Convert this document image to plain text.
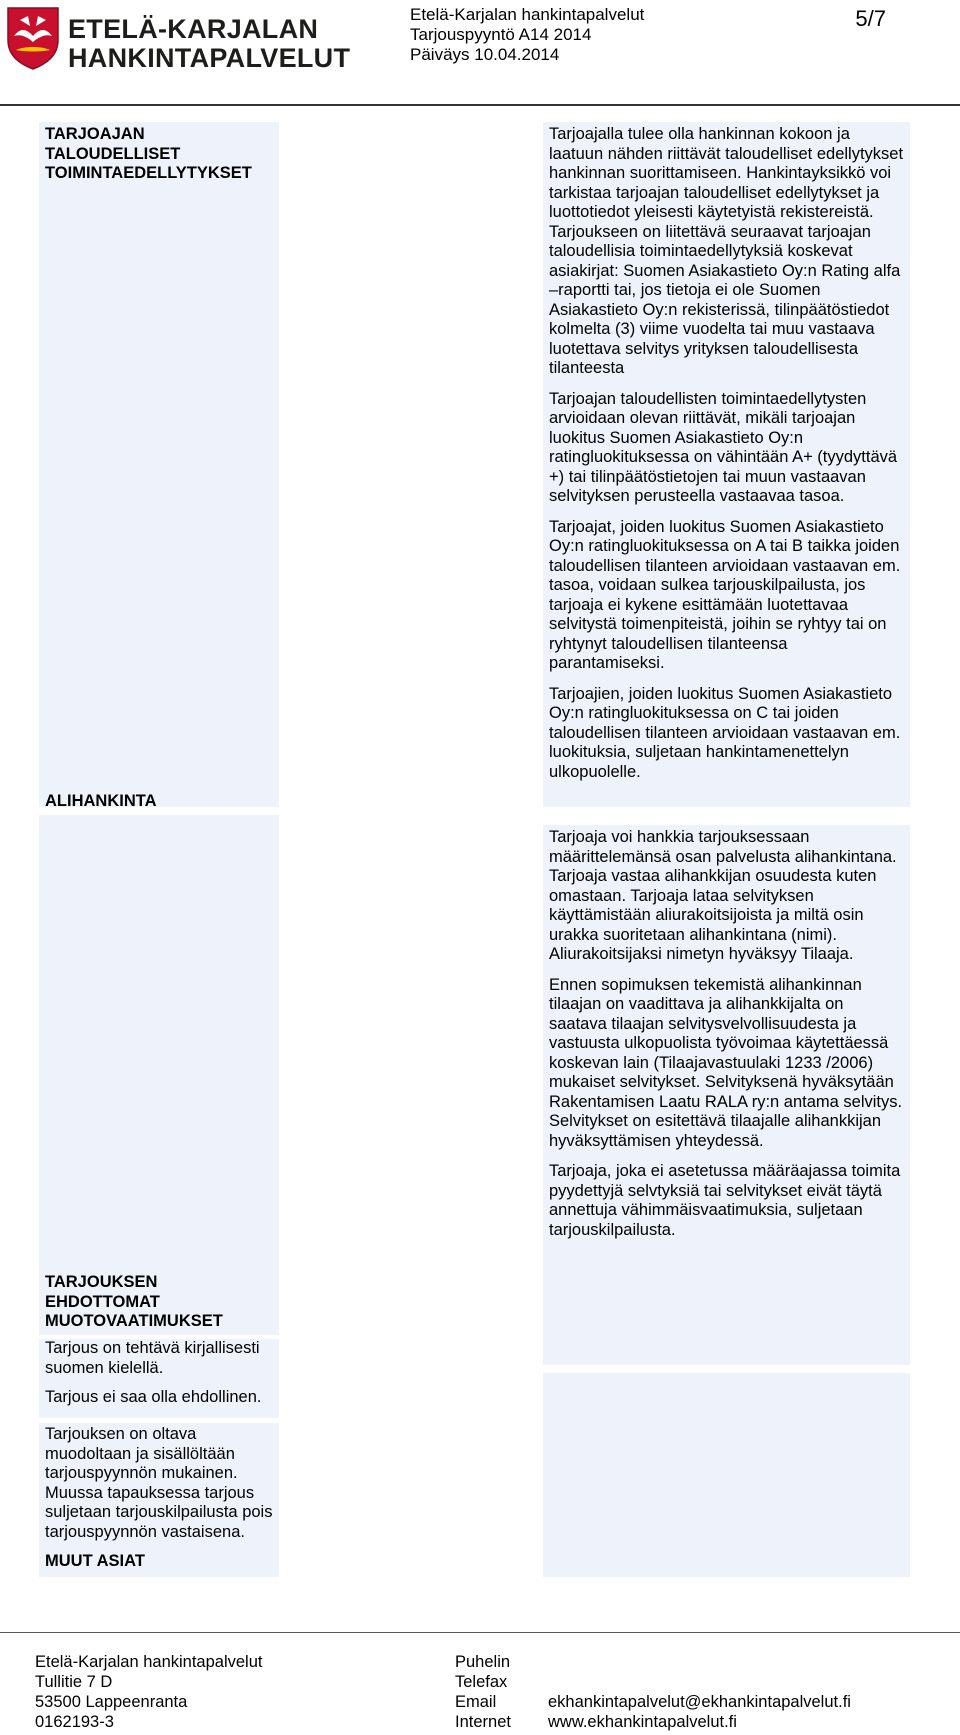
ETELÄ-KARJALAN
HANKINTAPALVELUT
Etelä-Karjalan hankintapalvelut
Tarjouspyyntö A14 2014
Päiväys 10.04.2014
5/7
TARJOAJAN TALOUDELLISET TOIMINTAEDELLYTYKSET
ALIHANKINTA

Tarjoajalla tulee olla hankinnan kokoon ja laatuun nähden riittävät taloudelliset edellytykset hankinnan suorittamiseen. Hankintayksikkö voi tarkistaa tarjoajan taloudelliset edellytykset ja luottotiedot yleisesti käytetyistä rekistereistä. Tarjoukseen on liitettävä seuraavat tarjoajan taloudellisia toimintaedellytyksiä koskevat asiakirjat: Suomen Asiakastieto Oy:n Rating alfa –raportti tai, jos tietoja ei ole Suomen Asiakastieto Oy:n rekisterissä, tilinpäätöstiedot kolmelta (3) viime vuodelta tai muu vastaava luotettava selvitys yrityksen taloudellisesta tilanteesta

Tarjoajan taloudellisten toimintaedellytysten arvioidaan olevan riittävät, mikäli tarjoajan luokitus Suomen Asiakastieto Oy:n ratingluokituksessa on vähintään A+ (tyydyttävä +) tai tilinpäätöstietojen tai muun vastaavan selvityksen perusteella vastaavaa tasoa.

Tarjoajat, joiden luokitus Suomen Asiakastieto Oy:n ratingluokituksessa on A tai B taikka joiden taloudellisen tilanteen arvioidaan vastaavan em. tasoa, voidaan sulkea tarjouskilpailusta, jos tarjoaja ei kykene esittämään luotettavaa selvitystä toimenpiteistä, joihin se ryhtyy tai on ryhtynyt taloudellisen tilanteensa parantamiseksi.

Tarjoajien, joiden luokitus Suomen Asiakastieto Oy:n ratingluokituksessa on C tai joiden taloudellisen tilanteen arvioidaan vastaavan em. luokituksia, suljetaan hankintamenettelyn ulkopuolelle.

Tarjoaja voi hankkia tarjouksessaan määrittelemänsä osan palvelusta alihankintana. Tarjoaja vastaa alihankkijan osuudesta kuten omastaan. Tarjoaja lataa selvityksen käyttämistään aliurakoitsijoista ja miltä osin urakka suoritetaan alihankintana (nimi). Aliurakoitsijaksi nimetyn hyväksyy Tilaaja.

Ennen sopimuksen tekemistä alihankinnan tilaajan on vaadittava ja alihankkijalta on saatava tilaajan selvitysvelvollisuudesta ja vastuusta ulkopuolista työvoimaa käytettäessä koskevan lain (Tilaajavastuulaki 1233 /2006) mukaiset selvitykset. Selvityksenä hyväksytään Rakentamisen Laatu RALA ry:n antama selvitys. Selvitykset on esitettävä tilaajalle alihankkijan hyväksyttämisen yhteydessä.

Tarjoaja, joka ei asetetussa määräajassa toimita pyydettyjä selvtyksiä tai selvitykset eivät täytä annettuja vähimmäisvaatimuksia, suljetaan tarjouskilpailusta.

TARJOUKSEN EHDOTTOMAT MUOTOVAATIMUKSET

Tarjous on tehtävä kirjallisesti suomen kielellä.

Tarjous ei saa olla ehdollinen.

Tarjouksen on oltava muodoltaan ja sisällöltään tarjouspyynnön mukainen. Muussa tapauksessa tarjous suljetaan tarjouskilpailusta pois tarjouspyynnön vastaisena.

MUUT ASIAT
Etelä-Karjalan hankintapalvelut
Tullitie 7 D
53500 Lappeenranta
0162193-3
Puhelin
Telefax
Email
Internet

ekhankintapalvelut@ekhankintapalvelut.fi
www.ekhankintapalvelut.fi
